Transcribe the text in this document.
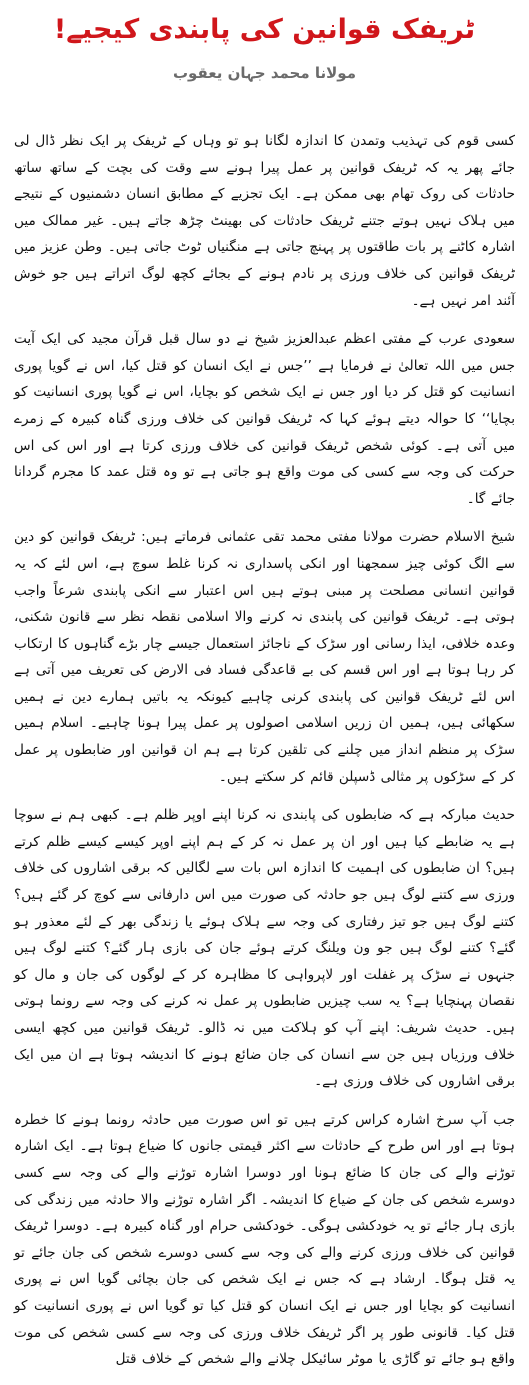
ٹریفک قوانین کی پابندی کیجیے!
مولانا محمد جہان یعقوب

کسی قوم کی تہذیب وتمدن کا اندازہ لگانا ہو تو وہاں کے ٹریفک پر ایک نظر ڈال لی جائے پھر یہ کہ ٹریفک قوانین پر عمل پیرا ہونے سے وقت کی بچت کے ساتھ ساتھ حادثات کی روک تھام بھی ممکن ہے۔ ایک تجزیے کے مطابق انسان دشمنیوں کے نتیجے میں ہلاک نہیں ہوتے جتنے ٹریفک حادثات کی بھینٹ چڑھ جاتے ہیں۔ غیر ممالک میں اشارہ کاٹنے پر بات طاقتوں پر پہنچ جاتی ہے منگنیاں ٹوٹ جاتی ہیں۔ وطن عزیز میں ٹریفک قوانین کی خلاف ورزی پر نادم ہونے کے بجائے کچھ لوگ اتراتے ہیں جو خوش آئند امر نہیں ہے۔

سعودی عرب کے مفتی اعظم عبدالعزیز شیخ نے دو سال قبل قرآن مجید کی ایک آیت جس میں اللہ تعالیٰ نے فرمایا ہے ’’جس نے ایک انسان کو قتل کیا، اس نے گویا پوری انسانیت کو قتل کر دیا اور جس نے ایک شخص کو بچایا، اس نے گویا پوری انسانیت کو بچایا‘‘ کا حوالہ دیتے ہوئے کہا کہ ٹریفک قوانین کی خلاف ورزی گناہ کبیرہ کے زمرے میں آتی ہے۔ کوئی شخص ٹریفک قوانین کی خلاف ورزی کرتا ہے اور اس کی اس حرکت کی وجہ سے کسی کی موت واقع ہو جاتی ہے تو وہ قتل عمد کا مجرم گردانا جائے گا۔

شیخ الاسلام حضرت مولانا مفتی محمد تقی عثمانی فرماتے ہیں: ٹریفک قوانین کو دین سے الگ کوئی چیز سمجھنا اور انکی پاسداری نہ کرنا غلط سوچ ہے، اس لئے کہ یہ قوانین انسانی مصلحت پر مبنی ہوتے ہیں اس اعتبار سے انکی پابندی شرعاً واجب ہوتی ہے۔ ٹریفک قوانین کی پابندی نہ کرنے والا اسلامی نقطہ نظر سے قانون شکنی، وعدہ خلافی، ایذا رسانی اور سڑک کے ناجائز استعمال جیسے چار بڑے گناہوں کا ارتکاب کر رہا ہوتا ہے اور اس قسم کی بے قاعدگی فساد فی الارض کی تعریف میں آتی ہے اس لئے ٹریفک قوانین کی پابندی کرنی چاہیے کیونکہ یہ باتیں ہمارے دین نے ہمیں سکھائی ہیں، ہمیں ان زریں اسلامی اصولوں پر عمل پیرا ہونا چاہیے۔ اسلام ہمیں سڑک پر منظم انداز میں چلنے کی تلقین کرتا ہے ہم ان قوانین اور ضابطوں پر عمل کر کے سڑکوں پر مثالی ڈسپلن قائم کر سکتے ہیں۔

حدیث مبارکہ ہے کہ ضابطوں کی پابندی نہ کرنا اپنے اوپر ظلم ہے۔ کبھی ہم نے سوچا ہے یہ ضابطے کیا ہیں اور ان پر عمل نہ کر کے ہم اپنے اوپر کیسے کیسے ظلم کرتے ہیں؟ ان ضابطوں کی اہمیت کا اندازہ اس بات سے لگالیں کہ برقی اشاروں کی خلاف ورزی سے کتنے لوگ ہیں جو حادثہ کی صورت میں اس دارفانی سے کوچ کر گئے ہیں؟ کتنے لوگ ہیں جو تیز رفتاری کی وجہ سے ہلاک ہوئے یا زندگی بھر کے لئے معذور ہو گئے؟ کتنے لوگ ہیں جو ون ویلنگ کرتے ہوئے جان کی بازی ہار گئے؟ کتنے لوگ ہیں جنہوں نے سڑک پر غفلت اور لاپرواہی کا مظاہرہ کر کے لوگوں کی جان و مال کو نقصان پہنچایا ہے؟ یہ سب چیزیں ضابطوں پر عمل نہ کرنے کی وجہ سے رونما ہوتی ہیں۔ حدیث شریف: اپنے آپ کو ہلاکت میں نہ ڈالو۔ ٹریفک قوانین میں کچھ ایسی خلاف ورزیاں ہیں جن سے انسان کی جان ضائع ہونے کا اندیشہ ہوتا ہے ان میں ایک برقی اشاروں کی خلاف ورزی ہے۔

جب آپ سرخ اشارہ کراس کرتے ہیں تو اس صورت میں حادثہ رونما ہونے کا خطرہ ہوتا ہے اور اس طرح کے حادثات سے اکثر قیمتی جانوں کا ضیاع ہوتا ہے۔ ایک اشارہ توڑنے والے کی جان کا ضائع ہونا اور دوسرا اشارہ توڑنے والے کی وجہ سے کسی دوسرے شخص کی جان کے ضیاع کا اندیشہ۔ اگر اشارہ توڑنے والا حادثہ میں زندگی کی بازی ہار جائے تو یہ خودکشی ہوگی۔ خودکشی حرام اور گناہ کبیرہ ہے۔ دوسرا ٹریفک قوانین کی خلاف ورزی کرنے والے کی وجہ سے کسی دوسرے شخص کی جان جائے تو یہ قتل ہوگا۔ ارشاد ہے کہ جس نے ایک شخص کی جان بچائی گویا اس نے پوری انسانیت کو بچایا اور جس نے ایک انسان کو قتل کیا تو گویا اس نے پوری انسانیت کو قتل کیا۔ قانونی طور پر اگر ٹریفک خلاف ورزی کی وجہ سے کسی شخص کی موت واقع ہو جائے تو گاڑی یا موٹر سائیکل چلانے والے شخص کے خلاف قتل
